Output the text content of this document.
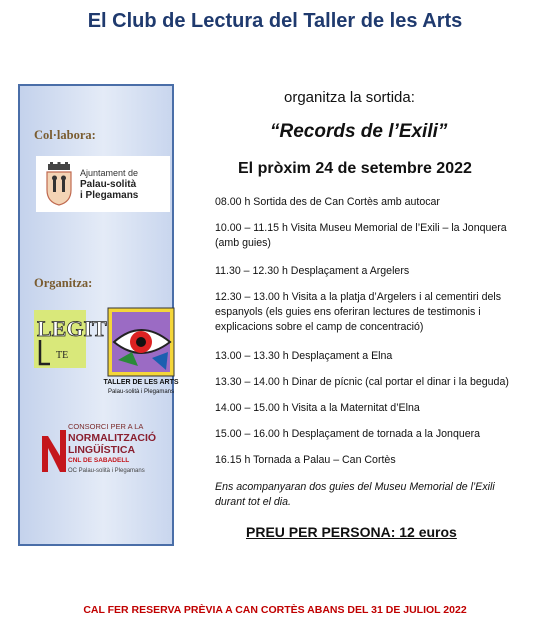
El Club de Lectura del Taller de les Arts
Col·labora:
Ajuntament de
Palau-solità
i Plegamans
Organitza:
LEGIT
TE
TALLER DE LES ARTS
Palau-solità i Plegamans
CONSORCI PER A LA
NORMALITZACIÓ
LINGÜÍSTICA
CNL DE SABADELL
OC Palau-solità i Plegamans
organitza la sortida:
“Records de l’Exili”
El pròxim 24 de setembre 2022
08.00 h Sortida des de Can Cortès amb autocar
10.00 – 11.15 h Visita Museu Memorial de l’Exili – la Jonquera (amb guies)
11.30 – 12.30 h Desplaçament a Argelers
12.30 – 13.00 h Visita a la platja d’Argelers i al cementiri dels espanyols (els guies ens oferiran lectures de testimonis i explicacions sobre el camp de concentració)
13.00 – 13.30 h Desplaçament a Elna
13.30 – 14.00 h Dinar de pícnic (cal portar el dinar i la beguda)
14.00 – 15.00 h Visita a la Maternitat d’Elna
15.00 – 16.00 h Desplaçament de tornada a la Jonquera
16.15 h Tornada a Palau – Can Cortès
Ens acompanyaran dos guies del Museu Memorial de l’Exili durant tot el dia.
PREU PER PERSONA: 12 euros
CAL FER RESERVA PRÈVIA A CAN CORTÈS ABANS DEL 31 DE JULIOL 2022
